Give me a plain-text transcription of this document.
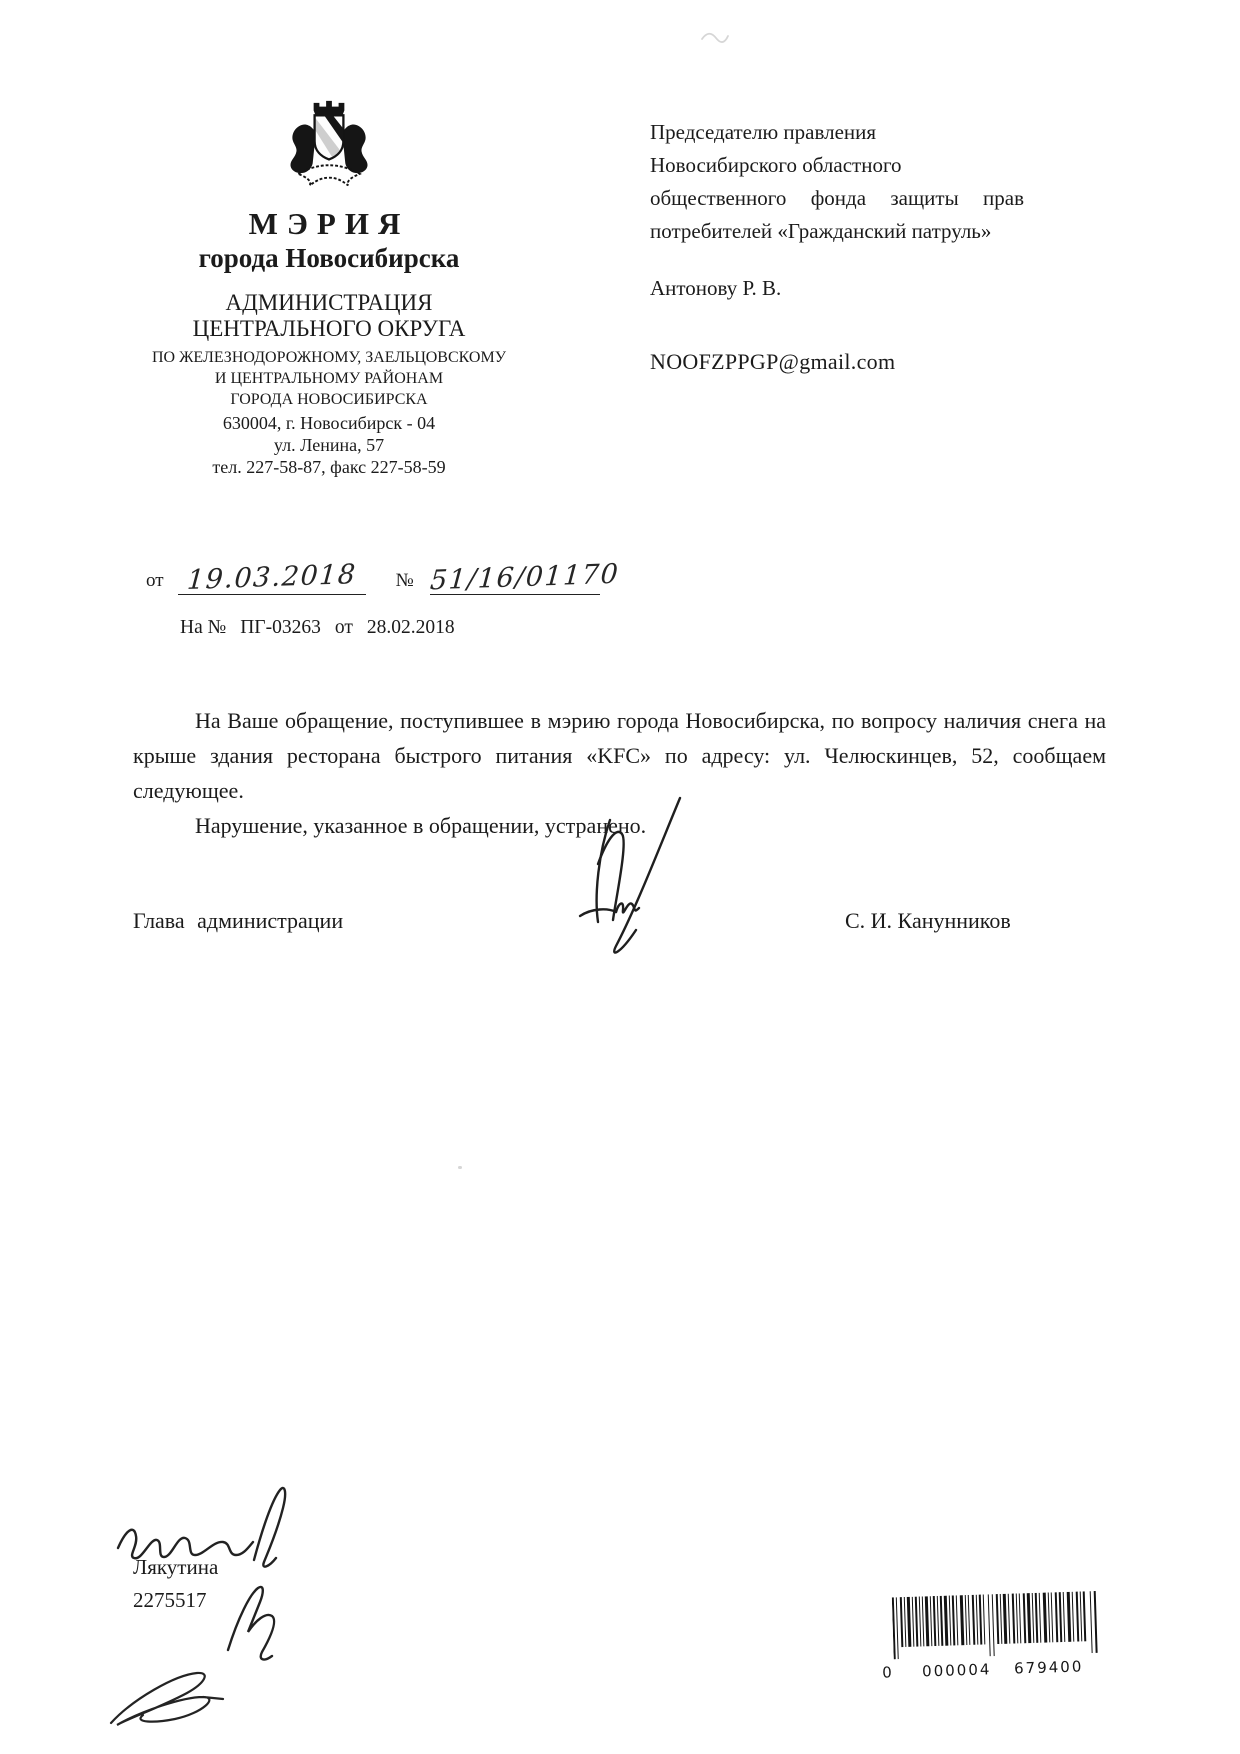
МЭРИЯ
города Новосибирска
АДМИНИСТРАЦИЯ
ЦЕНТРАЛЬНОГО ОКРУГА
ПО ЖЕЛЕЗНОДОРОЖНОМУ, ЗАЕЛЬЦОВСКОМУ
И ЦЕНТРАЛЬНОМУ РАЙОНАМ
ГОРОДА НОВОСИБИРСКА
630004, г. Новосибирск - 04
ул. Ленина, 57
тел. 227-58-87, факс 227-58-59
Председателю правления
Новосибирского областного
общественного фонда защиты прав
потребителей «Гражданский патруль»
Антонову Р. В.
NOOFZPPGP@gmail.com
от 19.03.2018	№ 51/16/01170
На № ПГ-03263 от 28.02.2018

На Ваше обращение, поступившее в мэрию города Новосибирска, по вопросу наличия снега на крыше здания ресторана быстрого питания «KFC» по адресу: ул. Челюскинцев, 52, сообщаем следующее.

Нарушение, указанное в обращении, устранено.

Глава администрации	С. И. Канунников
Лякутина
2275517
0 000004 679400
